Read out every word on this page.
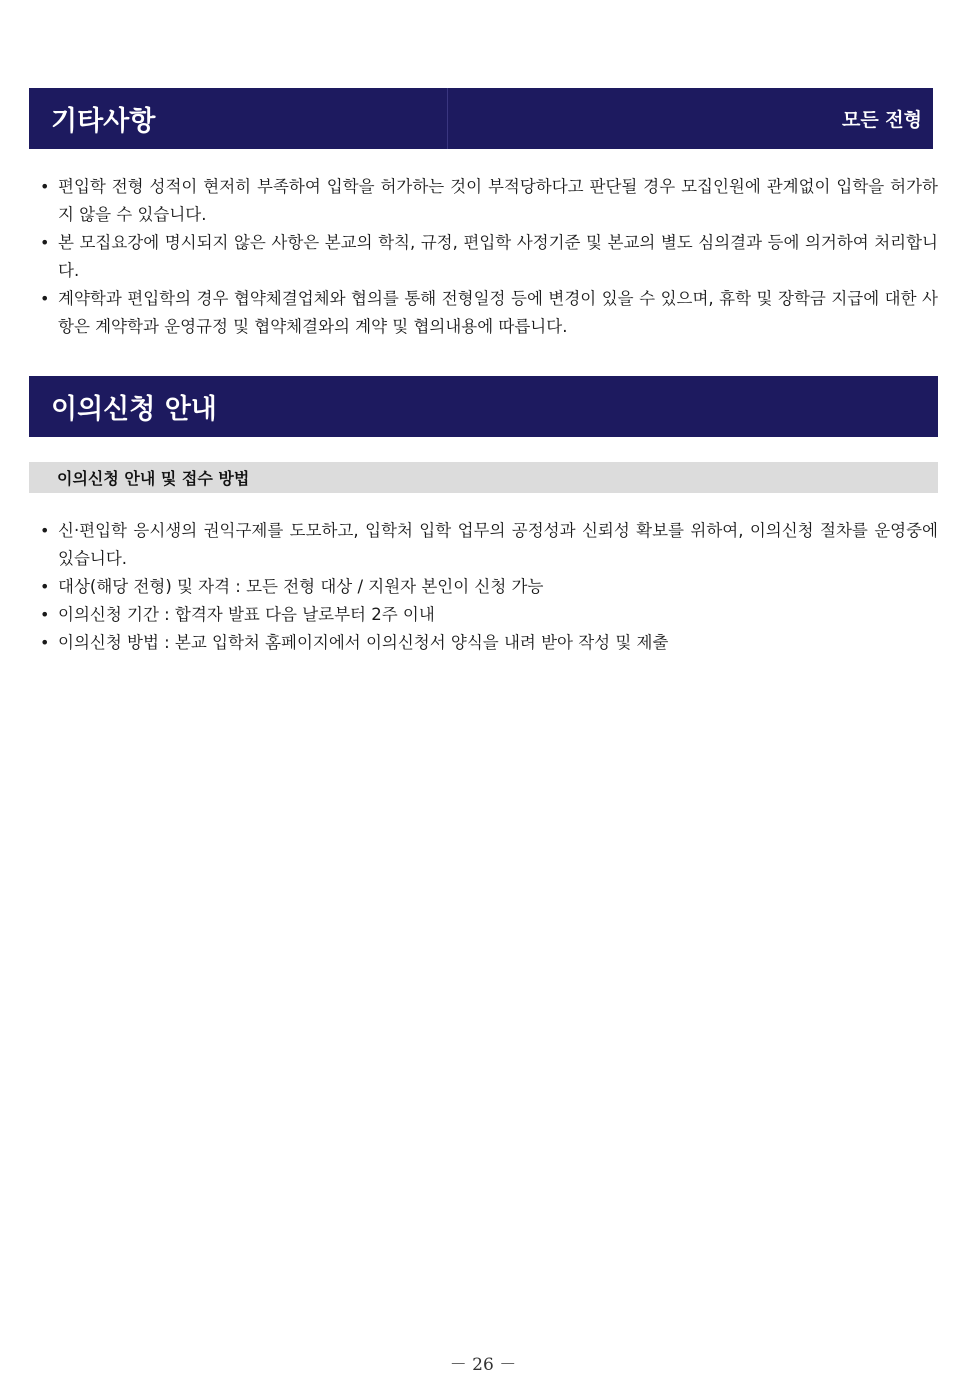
기타사항	모든 전형
• 편입학 전형 성적이 현저히 부족하여 입학을 허가하는 것이 부적당하다고 판단될 경우 모집인원에 관계없이 입학을 허가하지 않을 수 있습니다.
• 본 모집요강에 명시되지 않은 사항은 본교의 학칙, 규정, 편입학 사정기준 및 본교의 별도 심의결과 등에 의거하여 처리합니다.
• 계약학과 편입학의 경우 협약체결업체와 협의를 통해 전형일정 등에 변경이 있을 수 있으며, 휴학 및 장학금 지급에 대한 사항은 계약학과 운영규정 및 협약체결와의 계약 및 협의내용에 따릅니다.
이의신청 안내
이의신청 안내 및 접수 방법
• 신·편입학 응시생의 권익구제를 도모하고, 입학처 입학 업무의 공정성과 신뢰성 확보를 위하여, 이의신청 절차를 운영중에 있습니다.
• 대상(해당 전형) 및 자격 : 모든 전형 대상 / 지원자 본인이 신청 가능
• 이의신청 기간 : 합격자 발표 다음 날로부터 2주 이내
• 이의신청 방법 : 본교 입학처 홈페이지에서 이의신청서 양식을 내려 받아 작성 및 제출
－ 26 －
